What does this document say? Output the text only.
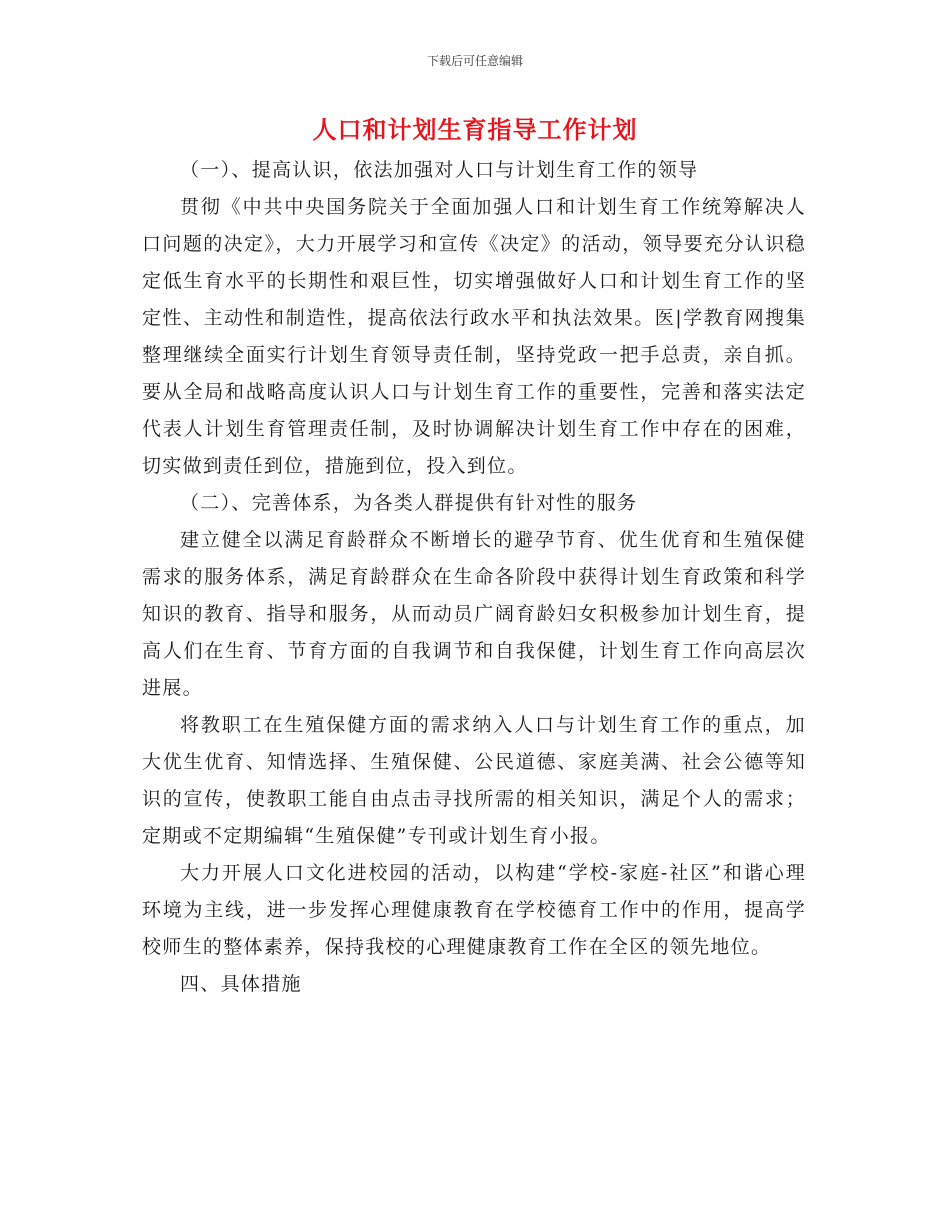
下载后可任意编辑
人口和计划生育指导工作计划

（一）、提高认识，依法加强对人口与计划生育工作的领导

贯彻《中共中央国务院关于全面加强人口和计划生育工作统筹解决人口问题的决定》，大力开展学习和宣传《决定》的活动，领导要充分认识稳定低生育水平的长期性和艰巨性，切实增强做好人口和计划生育工作的坚定性、主动性和制造性，提高依法行政水平和执法效果。医|学教育网搜集整理继续全面实行计划生育领导责任制，坚持党政一把手总责，亲自抓。要从全局和战略高度认识人口与计划生育工作的重要性，完善和落实法定代表人计划生育管理责任制，及时协调解决计划生育工作中存在的困难，切实做到责任到位，措施到位，投入到位。

（二）、完善体系，为各类人群提供有针对性的服务

建立健全以满足育龄群众不断增长的避孕节育、优生优育和生殖保健需求的服务体系，满足育龄群众在生命各阶段中获得计划生育政策和科学知识的教育、指导和服务，从而动员广阔育龄妇女积极参加计划生育，提高人们在生育、节育方面的自我调节和自我保健，计划生育工作向高层次进展。

将教职工在生殖保健方面的需求纳入人口与计划生育工作的重点，加大优生优育、知情选择、生殖保健、公民道德、家庭美满、社会公德等知识的宣传，使教职工能自由点击寻找所需的相关知识，满足个人的需求；定期或不定期编辑“生殖保健”专刊或计划生育小报。

大力开展人口文化进校园的活动，以构建“学校-家庭-社区”和谐心理环境为主线，进一步发挥心理健康教育在学校德育工作中的作用，提高学校师生的整体素养，保持我校的心理健康教育工作在全区的领先地位。

四、具体措施
